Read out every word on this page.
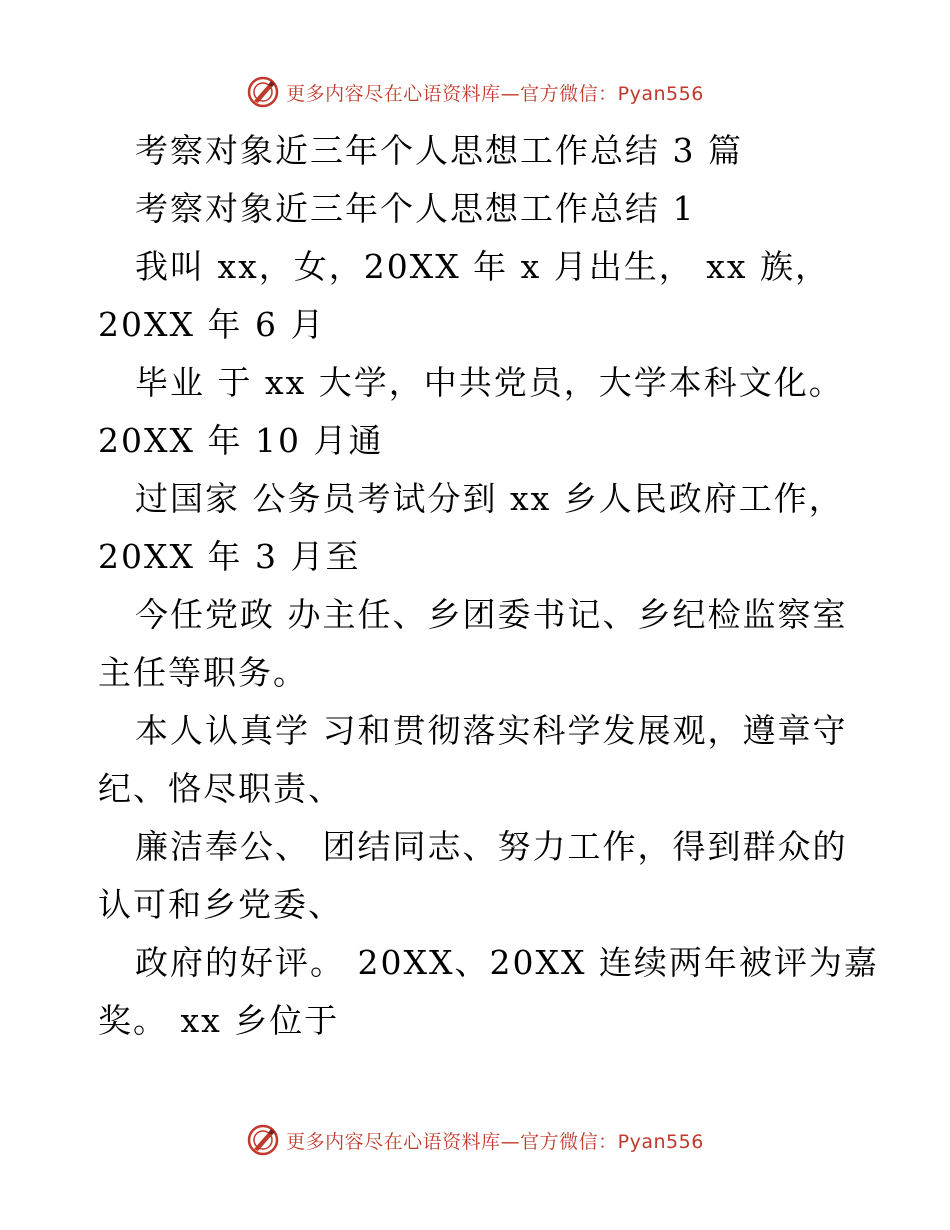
更多内容尽在心语资料库—官方微信：Pyan556
考察对象近三年个人思想工作总结 3 篇
考察对象近三年个人思想工作总结 1
我叫 xx，女，20XX 年 x 月出生， xx 族，
20XX 年 6 月
毕业 于 xx 大学，中共党员，大学本科文化。
20XX 年 10 月通
过国家 公务员考试分到 xx 乡人民政府工作，
20XX 年 3 月至
今任党政 办主任、乡团委书记、乡纪检监察室
主任等职务。
本人认真学 习和贯彻落实科学发展观，遵章守
纪、恪尽职责、
廉洁奉公、 团结同志、努力工作，得到群众的
认可和乡党委、
政府的好评。 20XX、20XX 连续两年被评为嘉
奖。 xx 乡位于
更多内容尽在心语资料库—官方微信：Pyan556
